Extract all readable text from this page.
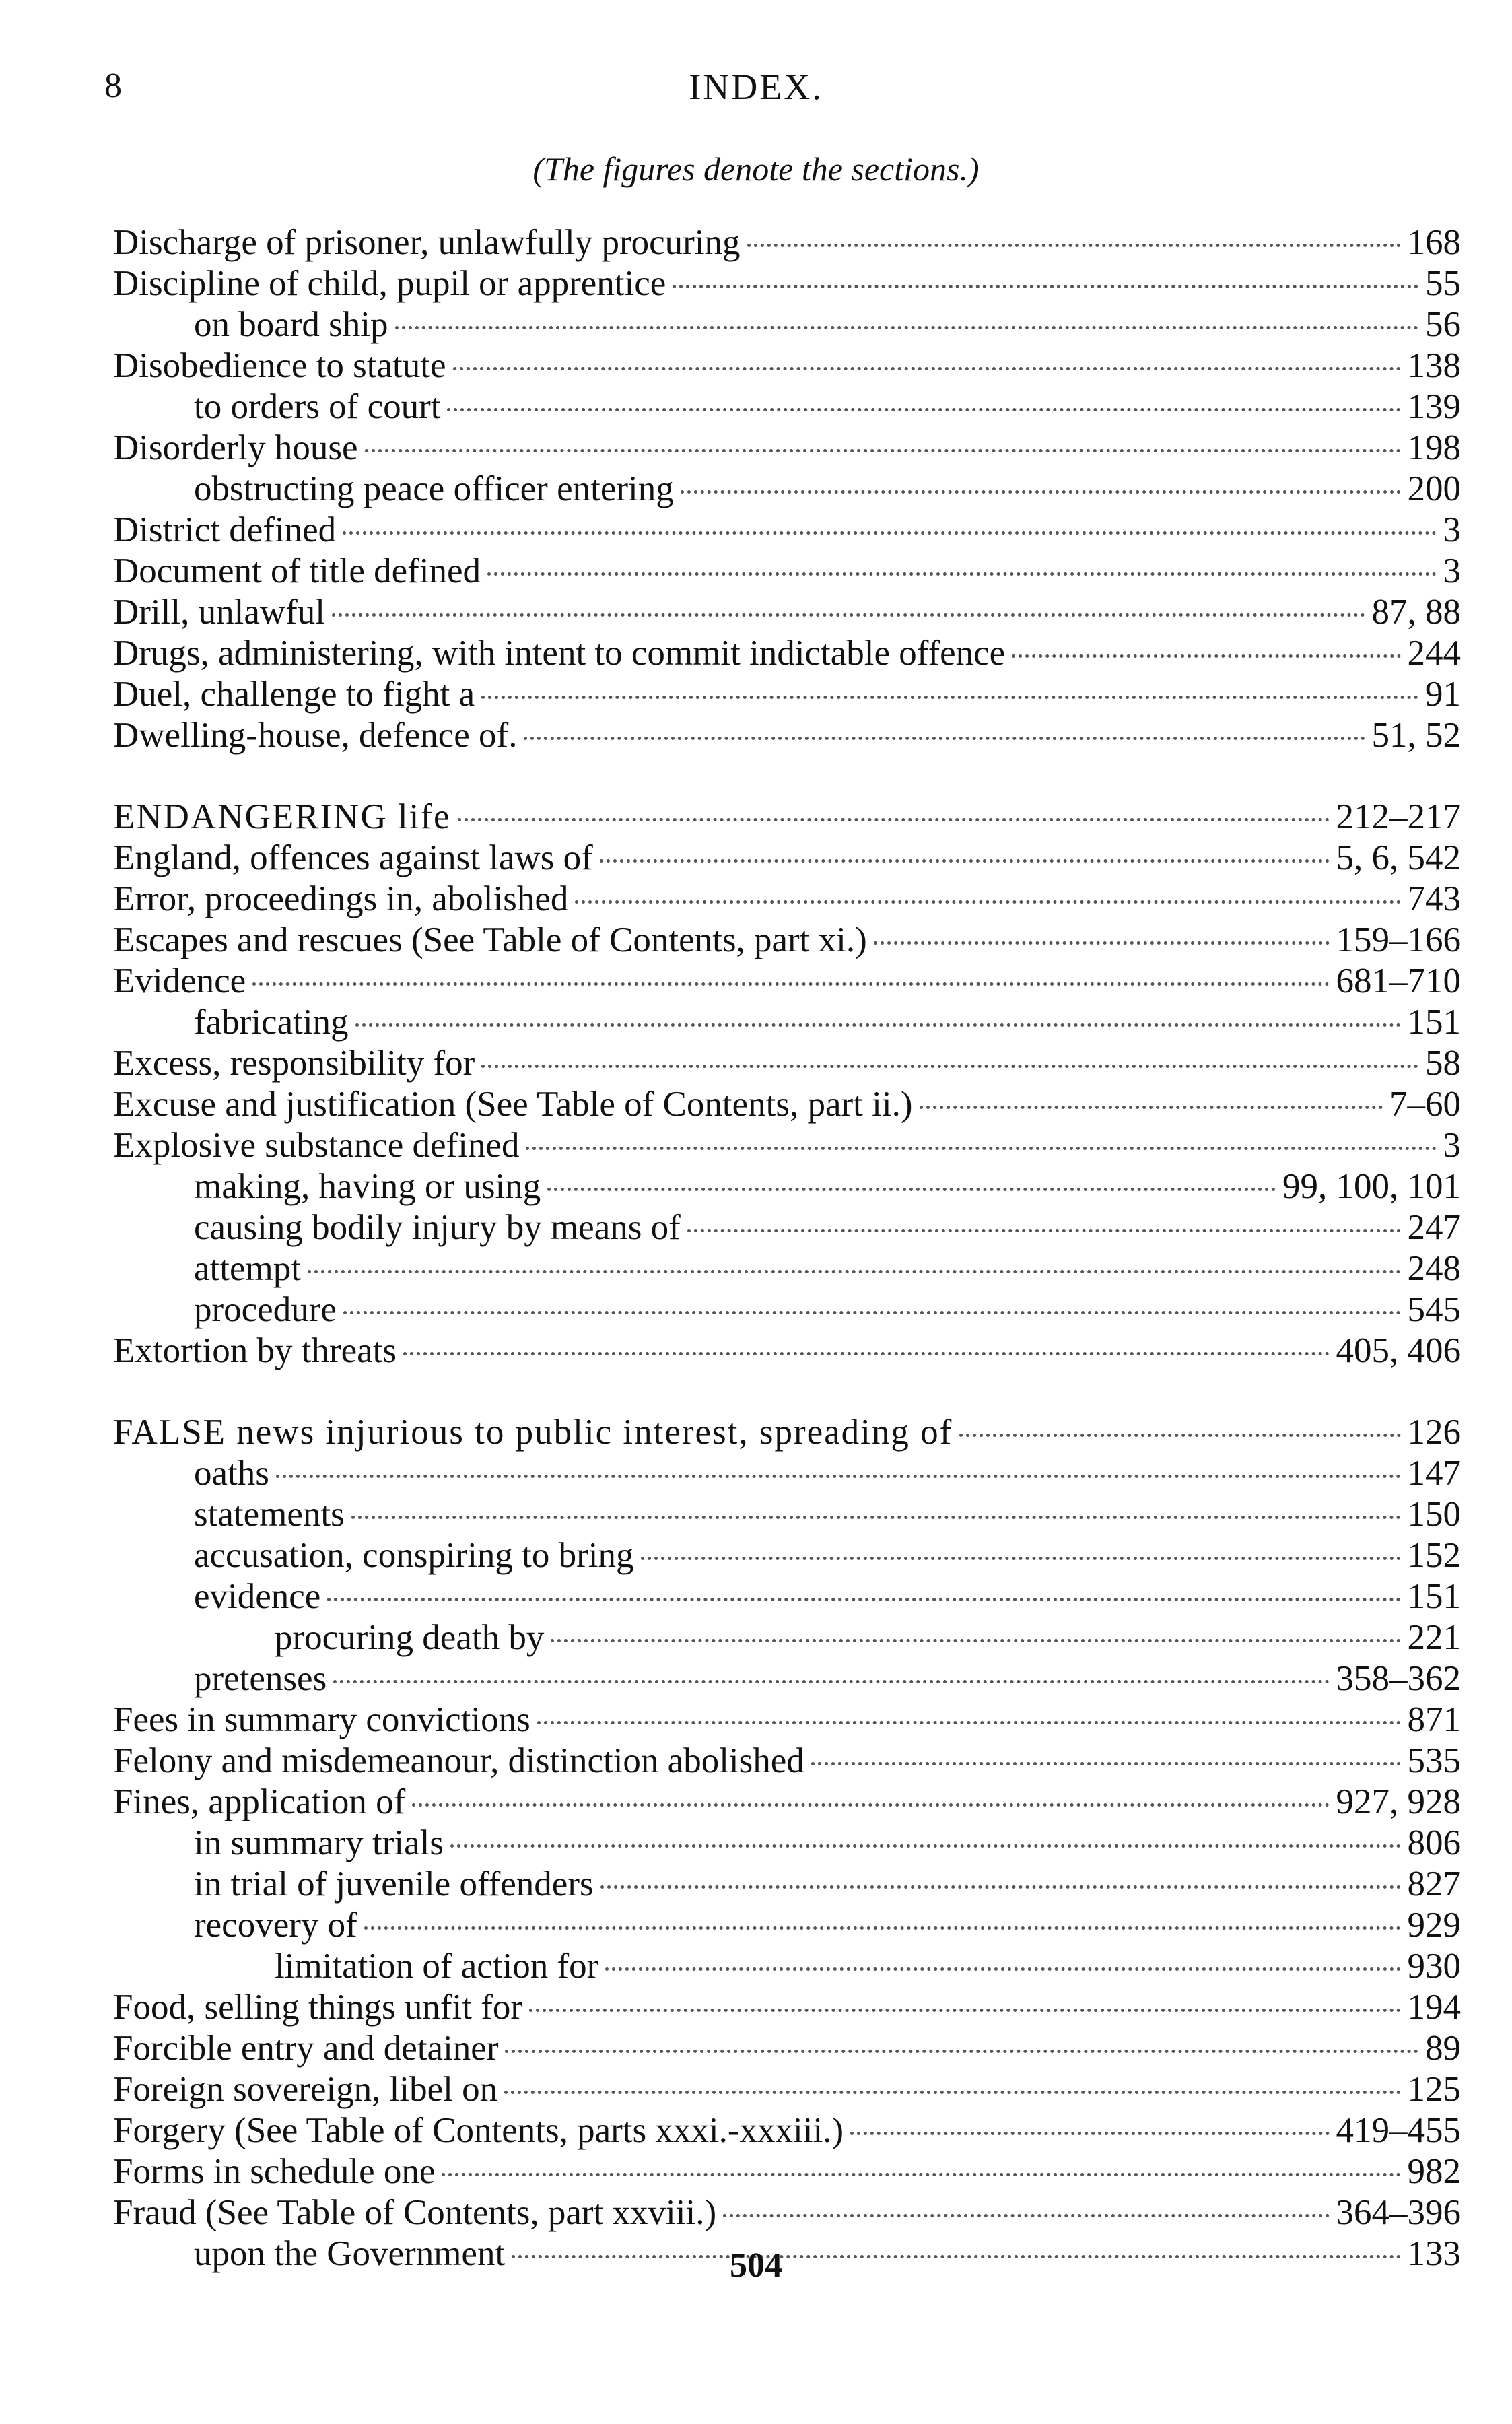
8	INDEX.
(The figures denote the sections.)
Discharge of prisoner, unlawfully procuring	168
Discipline of child, pupil or apprentice	55
on board ship	56
Disobedience to statute	138
to orders of court	139
Disorderly house	198
obstructing peace officer entering	200
District defined	3
Document of title defined	3
Drill, unlawful	87, 88
Drugs, administering, with intent to commit indictable offence	244
Duel, challenge to fight a	91
Dwelling-house, defence of.	51, 52
ENDANGERING life	212–217
England, offences against laws of	5, 6, 542
Error, proceedings in, abolished	743
Escapes and rescues (See Table of Contents, part xi.)	159–166
Evidence	681–710
fabricating	151
Excess, responsibility for	58
Excuse and justification (See Table of Contents, part ii.)	7–60
Explosive substance defined	3
making, having or using	99, 100, 101
causing bodily injury by means of	247
attempt	248
procedure	545
Extortion by threats	405, 406
FALSE news injurious to public interest, spreading of	126
oaths	147
statements	150
accusation, conspiring to bring	152
evidence	151
procuring death by	221
pretenses	358–362
Fees in summary convictions	871
Felony and misdemeanour, distinction abolished	535
Fines, application of	927, 928
in summary trials	806
in trial of juvenile offenders	827
recovery of	929
limitation of action for	930
Food, selling things unfit for	194
Forcible entry and detainer	89
Foreign sovereign, libel on	125
Forgery (See Table of Contents, parts xxxi.-xxxiii.)	419–455
Forms in schedule one	982
Fraud (See Table of Contents, part xxviii.)	364–396
upon the Government	133
504
